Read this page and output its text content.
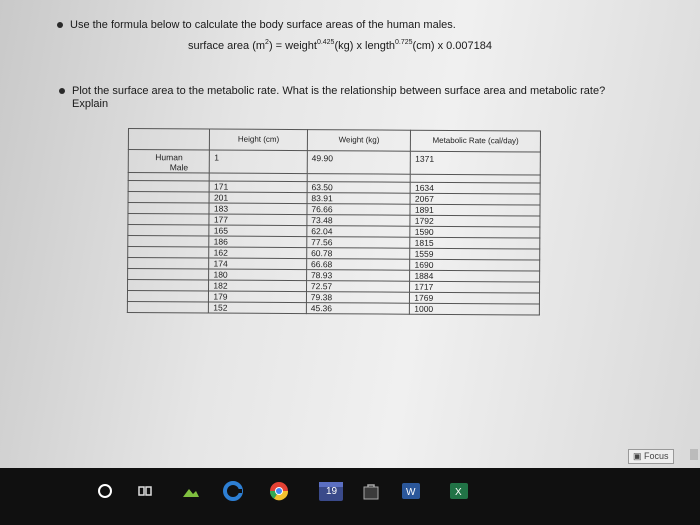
Use the formula below to calculate the body surface areas of the human males.
surface area $(m^2)$ = weight$^{0.425}$(kg) x length$^{0.725}$(cm) x 0.007184
Plot the surface area to the metabolic rate. What is the relationship between surface area and metabolic rate?
Explain
	Height (cm)	Weight (kg)	Metabolic Rate (cal/day)

Human
Male	1	49.90	1371

	171	63.50	1634
	201	83.91	2067
	183	76.66	1891
	177	73.48	1792
	165	62.04	1590
	186	77.56	1815
	162	60.78	1559
	174	66.68	1690
	180	78.93	1884
	182	72.57	1717
	179	79.38	1769
	152	45.36	1000
▣ Focus
19	W	X
